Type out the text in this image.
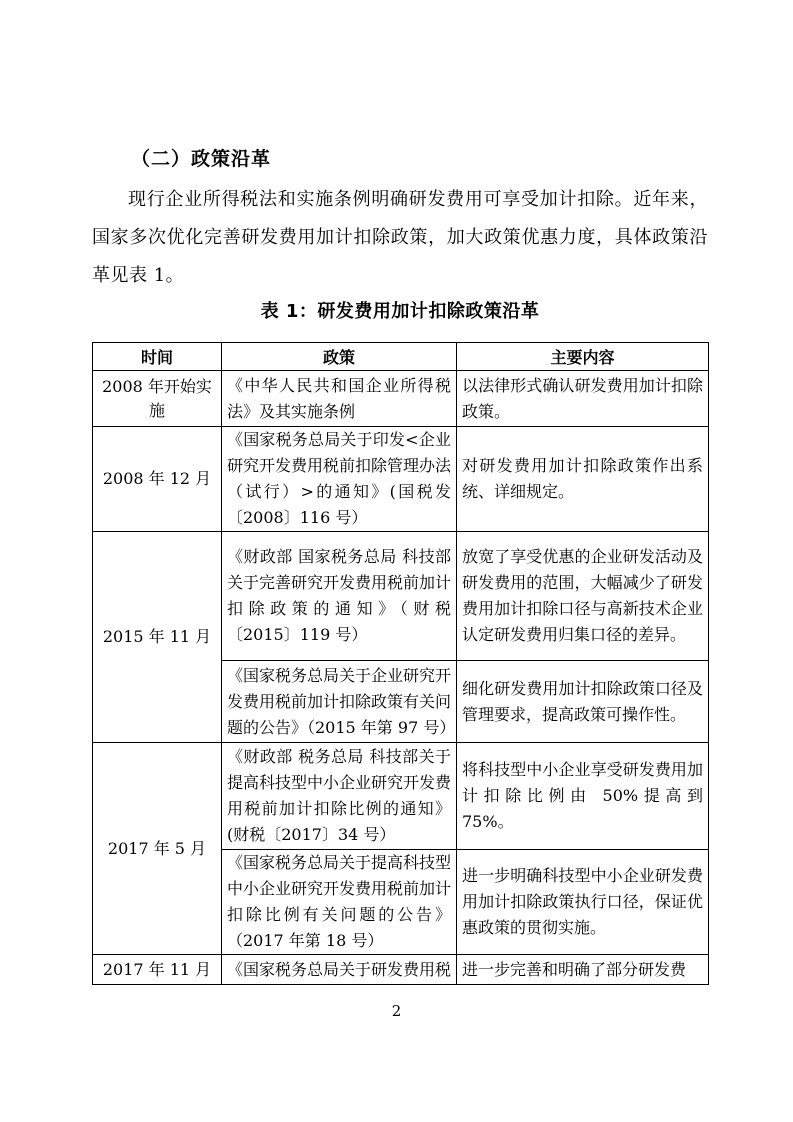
（二）政策沿革

现行企业所得税法和实施条例明确研发费用可享受加计扣除。近年来，国家多次优化完善研发费用加计扣除政策，加大政策优惠力度，具体政策沿革见表 1。

表 1：研发费用加计扣除政策沿革
时间	政策	主要内容
2008 年开始实施	《中华人民共和国企业所得税法》及其实施条例	以法律形式确认研发费用加计扣除政策。
2008 年 12 月	《国家税务总局关于印发<企业研究开发费用税前扣除管理办法（试行）>的通知》(国税发〔2008〕116 号）	对研发费用加计扣除政策作出系统、详细规定。
2015 年 11 月	《财政部 国家税务总局 科技部关于完善研究开发费用税前加计扣除政策的通知》（财税〔2015〕119 号）	放宽了享受优惠的企业研发活动及研发费用的范围，大幅减少了研发费用加计扣除口径与高新技术企业认定研发费用归集口径的差异。
	《国家税务总局关于企业研究开发费用税前加计扣除政策有关问题的公告》（2015 年第 97 号）	细化研发费用加计扣除政策口径及管理要求，提高政策可操作性。
2017 年 5 月	《财政部 税务总局 科技部关于提高科技型中小企业研究开发费用税前加计扣除比例的通知》(财税〔2017〕34 号）	将科技型中小企业享受研发费用加计扣除比例由 50%提高到 75%。
	《国家税务总局关于提高科技型中小企业研究开发费用税前加计扣除比例有关问题的公告》（2017 年第 18 号）	进一步明确科技型中小企业研发费用加计扣除政策执行口径，保证优惠政策的贯彻实施。
2017 年 11 月	《国家税务总局关于研发费用税	进一步完善和明确了部分研发费
2
